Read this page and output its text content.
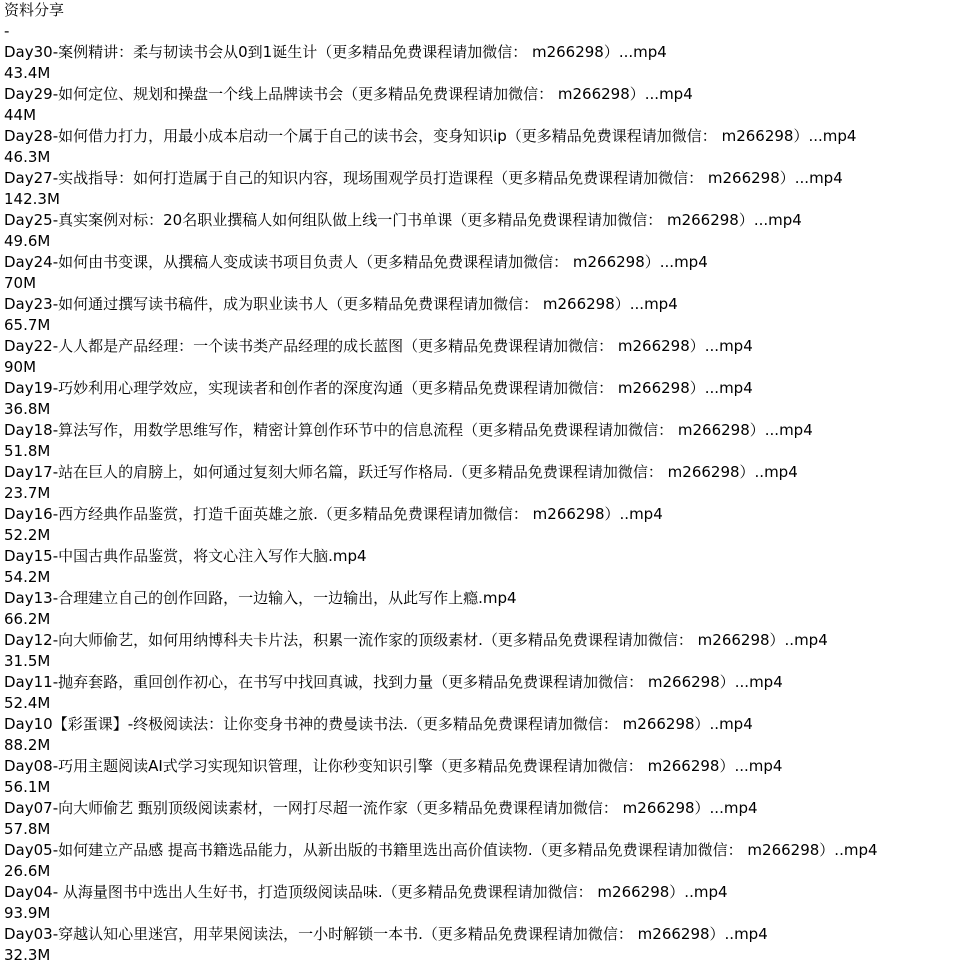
资料分享
-
Day30-案例精讲：柔与韧读书会从0到1诞生计（更多精品免费课程请加微信： m266298）...mp4
43.4M
Day29-如何定位、规划和操盘一个线上品牌读书会（更多精品免费课程请加微信： m266298）...mp4
44M
Day28-如何借力打力，用最小成本启动一个属于自己的读书会，变身知识ip（更多精品免费课程请加微信： m266298）...mp4
46.3M
Day27-实战指导：如何打造属于自己的知识内容，现场围观学员打造课程（更多精品免费课程请加微信： m266298）...mp4
142.3M
Day25-真实案例对标：20名职业撰稿人如何组队做上线一门书单课（更多精品免费课程请加微信： m266298）...mp4
49.6M
Day24-如何由书变课，从撰稿人变成读书项目负责人（更多精品免费课程请加微信： m266298）...mp4
70M
Day23-如何通过撰写读书稿件，成为职业读书人（更多精品免费课程请加微信： m266298）...mp4
65.7M
Day22-人人都是产品经理：一个读书类产品经理的成长蓝图（更多精品免费课程请加微信： m266298）...mp4
90M
Day19-巧妙利用心理学效应，实现读者和创作者的深度沟通（更多精品免费课程请加微信： m266298）...mp4
36.8M
Day18-算法写作，用数学思维写作，精密计算创作环节中的信息流程（更多精品免费课程请加微信： m266298）...mp4
51.8M
Day17-站在巨人的肩膀上，如何通过复刻大师名篇，跃迁写作格局.（更多精品免费课程请加微信： m266298）..mp4
23.7M
Day16-西方经典作品鉴赏，打造千面英雄之旅.（更多精品免费课程请加微信： m266298）..mp4
52.2M
Day15-中国古典作品鉴赏，将文心注入写作大脑.mp4
54.2M
Day13-合理建立自己的创作回路，一边输入，一边输出，从此写作上瘾.mp4
66.2M
Day12-向大师偷艺，如何用纳博科夫卡片法，积累一流作家的顶级素材.（更多精品免费课程请加微信： m266298）..mp4
31.5M
Day11-抛弃套路，重回创作初心，在书写中找回真诚，找到力量（更多精品免费课程请加微信： m266298）...mp4
52.4M
Day10【彩蛋课】-终极阅读法：让你变身书神的费曼读书法.（更多精品免费课程请加微信： m266298）..mp4
88.2M
Day08-巧用主题阅读AI式学习实现知识管理，让你秒变知识引擎（更多精品免费课程请加微信： m266298）...mp4
56.1M
Day07-向大师偷艺 甄别顶级阅读素材，一网打尽超一流作家（更多精品免费课程请加微信： m266298）...mp4
57.8M
Day05-如何建立产品感 提高书籍选品能力，从新出版的书籍里选出高价值读物.（更多精品免费课程请加微信： m266298）..mp4
26.6M
Day04- 从海量图书中选出人生好书，打造顶级阅读品味.（更多精品免费课程请加微信： m266298）..mp4
93.9M
Day03-穿越认知心里迷宫，用苹果阅读法，一小时解锁一本书.（更多精品免费课程请加微信： m266298）..mp4
32.3M
